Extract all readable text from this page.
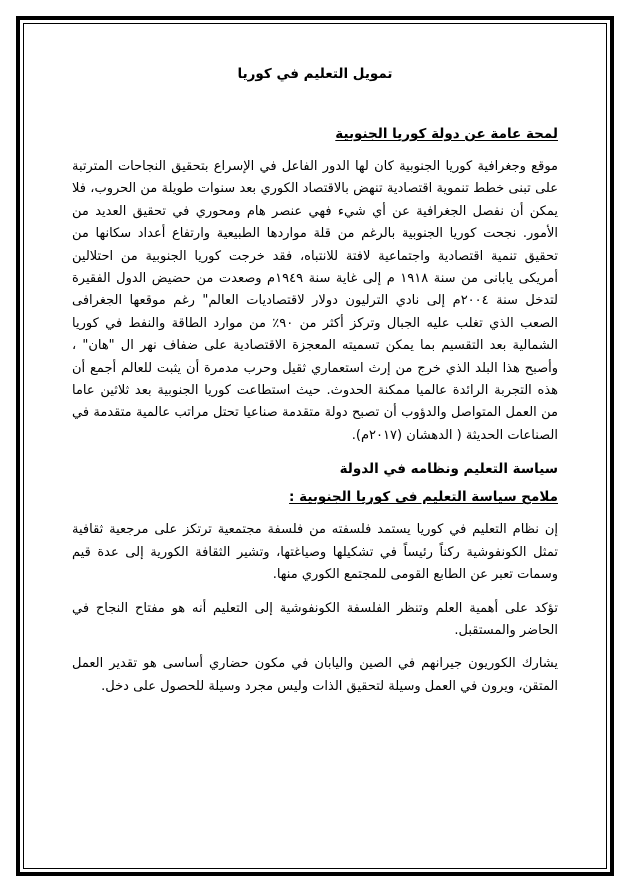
تمويل التعليم في كوريا
لمحة عامة عن دولة كوريا الجنوبية

موقع وجغرافية كوريا الجنوبية كان لها الدور الفاعل في الإسراع بتحقيق النجاحات المترتبة على تبنى خطط تنموية اقتصادية تنهض بالاقتصاد الكوري بعد سنوات طويلة من الحروب، فلا يمكن أن نفصل الجغرافية عن أي شيء فهي عنصر هام ومحوري في تحقيق العديد من الأمور. نجحت كوريا الجنوبية بالرغم من قلة مواردها الطبيعية وارتفاع أعداد سكانها من تحقيق تنمية اقتصادية واجتماعية لافتة للانتباه، فقد خرجت كوريا الجنوبية من احتلالين أمريكى يابانى من سنة ١٩١٨ م إلى غاية سنة ١٩٤٩م وصعدت من حضيض الدول الفقيرة لتدخل سنة ٢٠٠٤م إلى نادي الترليون دولار لاقتصاديات العالم" رغم موقعها الجغرافى الصعب الذي تغلب عليه الجبال وتركز أكثر من ٩٠٪ من موارد الطاقة والنفط في كوريا الشمالية بعد التقسيم بما يمكن تسميته المعجزة الاقتصادية على ضفاف نهر ال "هان" ، وأصبح هذا البلد الذي خرج من إرث استعماري ثقيل وحرب مدمرة أن يثبت للعالم أجمع أن هذه التجربة الرائدة عالميا ممكنة الحدوث. حيث استطاعت كوريا الجنوبية بعد ثلاثين عاما من العمل المتواصل والدؤوب أن تصبح دولة متقدمة صناعيا تحتل مراتب عالمية متقدمة في الصناعات الحديثة ( الدهشان (٢٠١٧م).

سياسة التعليم ونظامه في الدولة
ملامح سياسة التعليم فى كوريا الجنوبية :

إن نظام التعليم في كوريا يستمد فلسفته من فلسفة مجتمعية ترتكز على مرجعية ثقافية تمثل الكونفوشية ركناً رئيساً في تشكيلها وصياغتها، وتشير الثقافة الكورية إلى عدة قيم وسمات تعبر عن الطابع القومى للمجتمع الكوري منها.

تؤكد على أهمية العلم وتنظر الفلسفة الكونفوشية إلى التعليم أنه هو مفتاح النجاح في الحاضر والمستقبل.

يشارك الكوريون جيرانهم في الصين واليابان في مكون حضاري أساسى هو تقدير العمل المتقن، ويرون في العمل وسيلة لتحقيق الذات وليس مجرد وسيلة للحصول على دخل.
